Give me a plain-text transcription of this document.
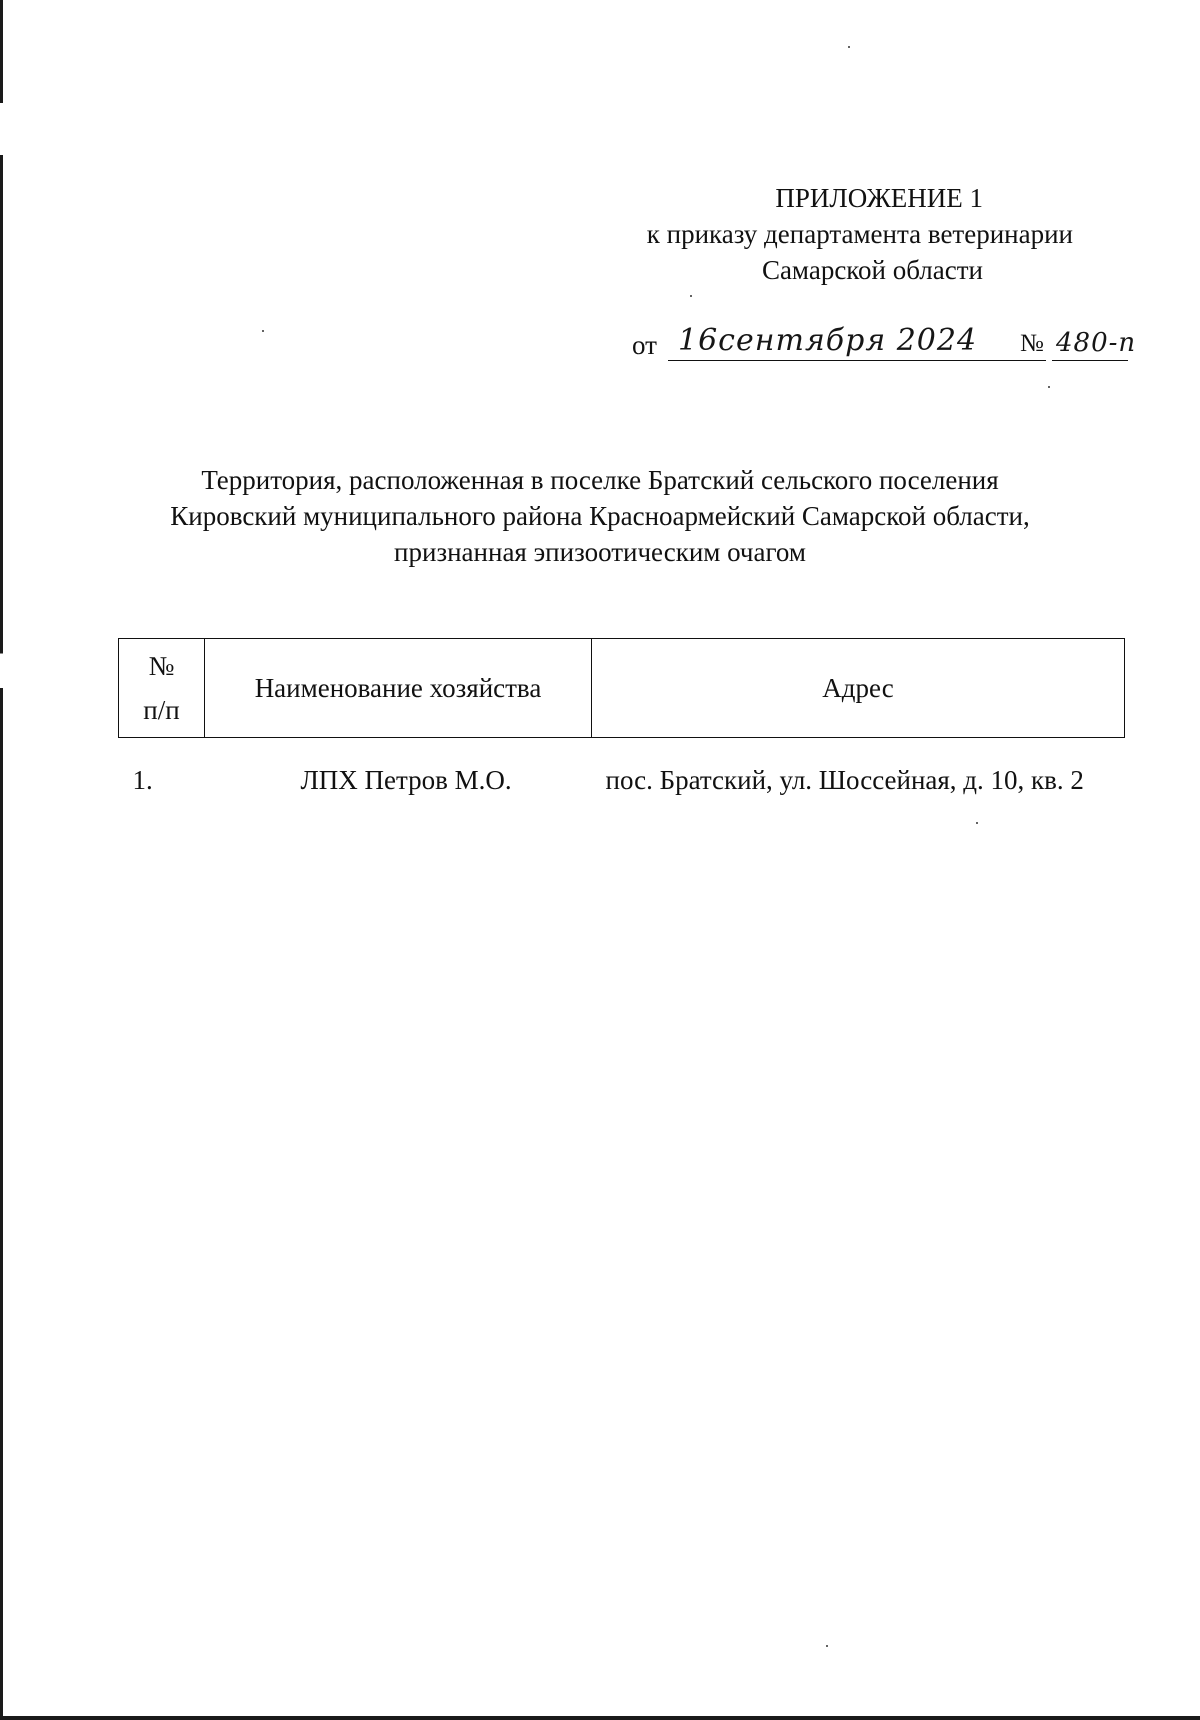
ПРИЛОЖЕНИЕ 1
к приказу департамента ветеринарии
Самарской области
от 16сентября 2024 № 480-п
Территория, расположенная в поселке Братский сельского поселения
Кировский муниципального района Красноармейский Самарской области,
признанная эпизоотическим очагом
№
п/п	Наименование хозяйства	Адрес
1.	ЛПХ Петров М.О.	пос. Братский, ул. Шоссейная, д. 10, кв. 2
